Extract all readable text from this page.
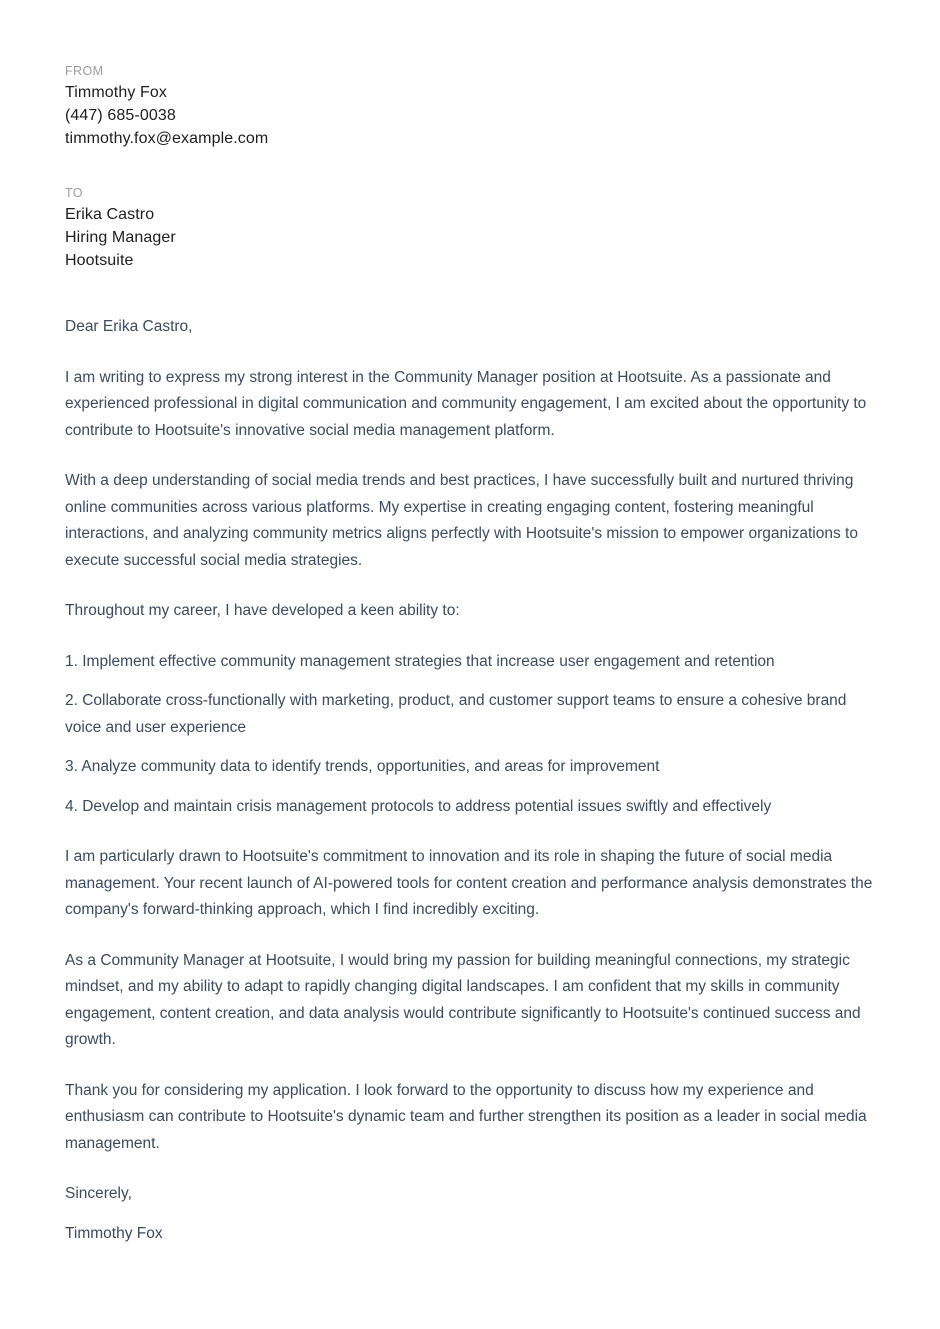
FROM
Timmothy Fox
(447) 685-0038
timmothy.fox@example.com
TO
Erika Castro
Hiring Manager
Hootsuite

Dear Erika Castro,

I am writing to express my strong interest in the Community Manager position at Hootsuite. As a passionate and experienced professional in digital communication and community engagement, I am excited about the opportunity to contribute to Hootsuite's innovative social media management platform.

With a deep understanding of social media trends and best practices, I have successfully built and nurtured thriving online communities across various platforms. My expertise in creating engaging content, fostering meaningful interactions, and analyzing community metrics aligns perfectly with Hootsuite's mission to empower organizations to execute successful social media strategies.

Throughout my career, I have developed a keen ability to:

1. Implement effective community management strategies that increase user engagement and retention

2. Collaborate cross-functionally with marketing, product, and customer support teams to ensure a cohesive brand voice and user experience

3. Analyze community data to identify trends, opportunities, and areas for improvement

4. Develop and maintain crisis management protocols to address potential issues swiftly and effectively

I am particularly drawn to Hootsuite's commitment to innovation and its role in shaping the future of social media management. Your recent launch of AI-powered tools for content creation and performance analysis demonstrates the company's forward-thinking approach, which I find incredibly exciting.

As a Community Manager at Hootsuite, I would bring my passion for building meaningful connections, my strategic mindset, and my ability to adapt to rapidly changing digital landscapes. I am confident that my skills in community engagement, content creation, and data analysis would contribute significantly to Hootsuite's continued success and growth.

Thank you for considering my application. I look forward to the opportunity to discuss how my experience and enthusiasm can contribute to Hootsuite's dynamic team and further strengthen its position as a leader in social media management.

Sincerely,

Timmothy Fox
